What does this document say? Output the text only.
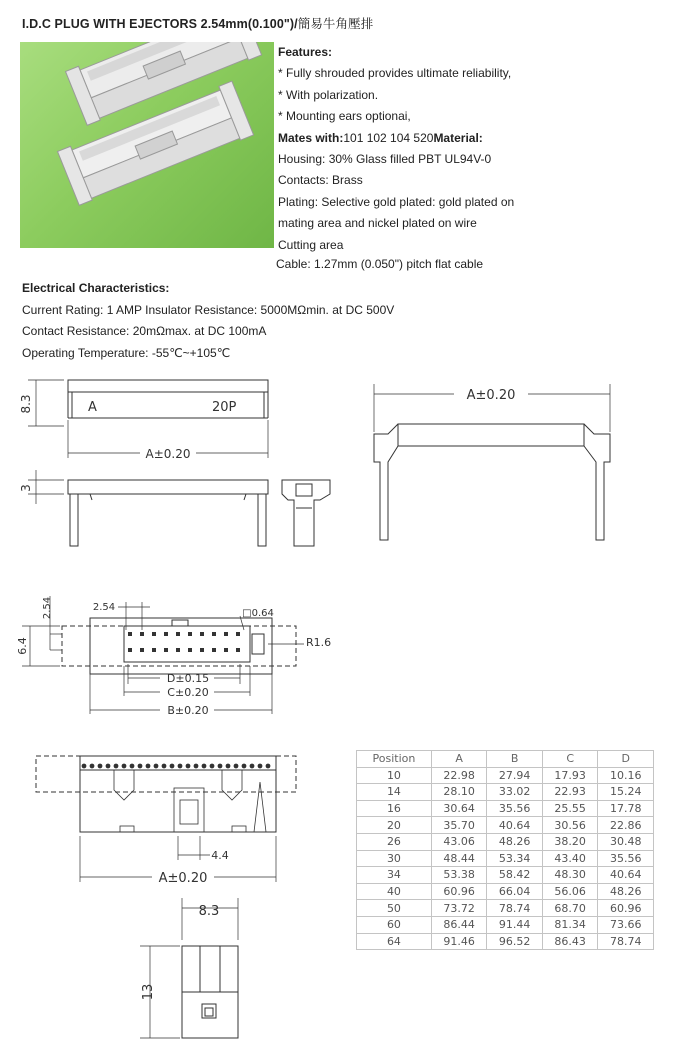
I.D.C PLUG WITH EJECTORS 2.54mm(0.100")/簡易牛角壓排
Features:
* Fully shrouded provides ultimate reliability,
* With polarization.
* Mounting ears optionai,
Mates with:101 102 104 520Material:
Housing: 30% Glass filled PBT UL94V-0
Contacts: Brass
Plating: Selective gold plated: gold plated on
mating area and nickel plated on wire
Cutting area
Cable: 1.27mm (0.050") pitch flat cable
Electrical Characteristics:
Current Rating: 1 AMP Insulator Resistance: 5000MΩmin. at DC 500V
Contact Resistance: 20mΩmax. at DC 100mA
Operating Temperature: -55℃~+105℃
8.3	A	20P
A±0.20
3
A±0.20
2.54	2.54
□0.64
6.4	R1.6
D±0.15
C±0.20
B±0.20
4.4
A±0.20
8.3
13
Position	A	B	C	D
10	22.98	27.94	17.93	10.16
14	28.10	33.02	22.93	15.24
16	30.64	35.56	25.55	17.78
20	35.70	40.64	30.56	22.86
26	43.06	48.26	38.20	30.48
30	48.44	53.34	43.40	35.56
34	53.38	58.42	48.30	40.64
40	60.96	66.04	56.06	48.26
50	73.72	78.74	68.70	60.96
60	86.44	91.44	81.34	73.66
64	91.46	96.52	86.43	78.74
